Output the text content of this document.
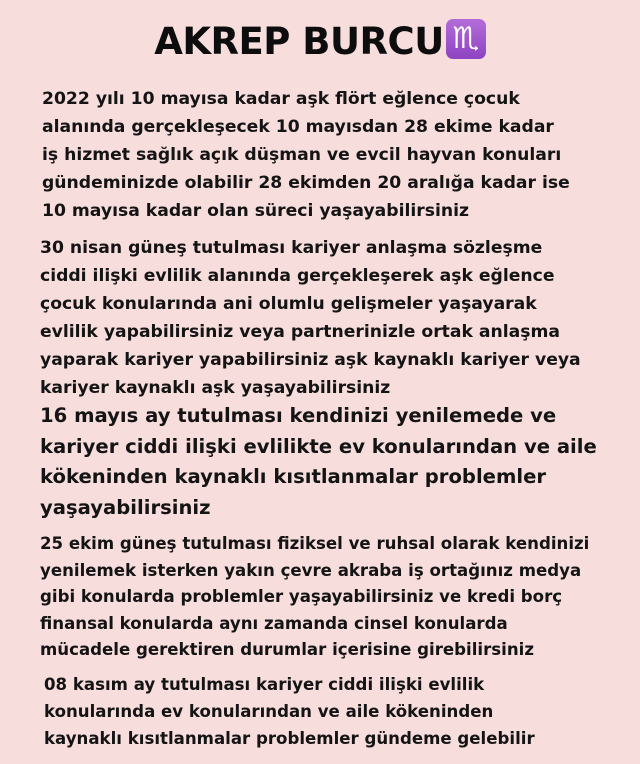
AKREP BURCU ♏

2022 yılı 10 mayısa kadar aşk flört eğlence çocuk
alanında gerçekleşecek 10 mayısdan 28 ekime kadar
iş hizmet sağlık açık düşman ve evcil hayvan konuları
gündeminizde olabilir 28 ekimden 20 aralığa kadar ise
10 mayısa kadar olan süreci yaşayabilirsiniz

30 nisan güneş tutulması kariyer anlaşma sözleşme
ciddi ilişki evlilik alanında gerçekleşerek aşk eğlence
çocuk konularında ani olumlu gelişmeler yaşayarak
evlilik yapabilirsiniz veya partnerinizle ortak anlaşma
yaparak kariyer yapabilirsiniz aşk kaynaklı kariyer veya
kariyer kaynaklı aşk yaşayabilirsiniz

16 mayıs ay tutulması kendinizi yenilemede ve
kariyer ciddi ilişki evlilikte ev konularından ve aile
kökeninden kaynaklı kısıtlanmalar problemler
yaşayabilirsiniz

25 ekim güneş tutulması fiziksel ve ruhsal olarak kendinizi
yenilemek isterken yakın çevre akraba iş ortağınız medya
gibi konularda problemler yaşayabilirsiniz ve kredi borç
finansal konularda aynı zamanda cinsel konularda
mücadele gerektiren durumlar içerisine girebilirsiniz

08 kasım ay tutulması kariyer ciddi ilişki evlilik
konularında ev konularından ve aile kökeninden
kaynaklı kısıtlanmalar problemler gündeme gelebilir
